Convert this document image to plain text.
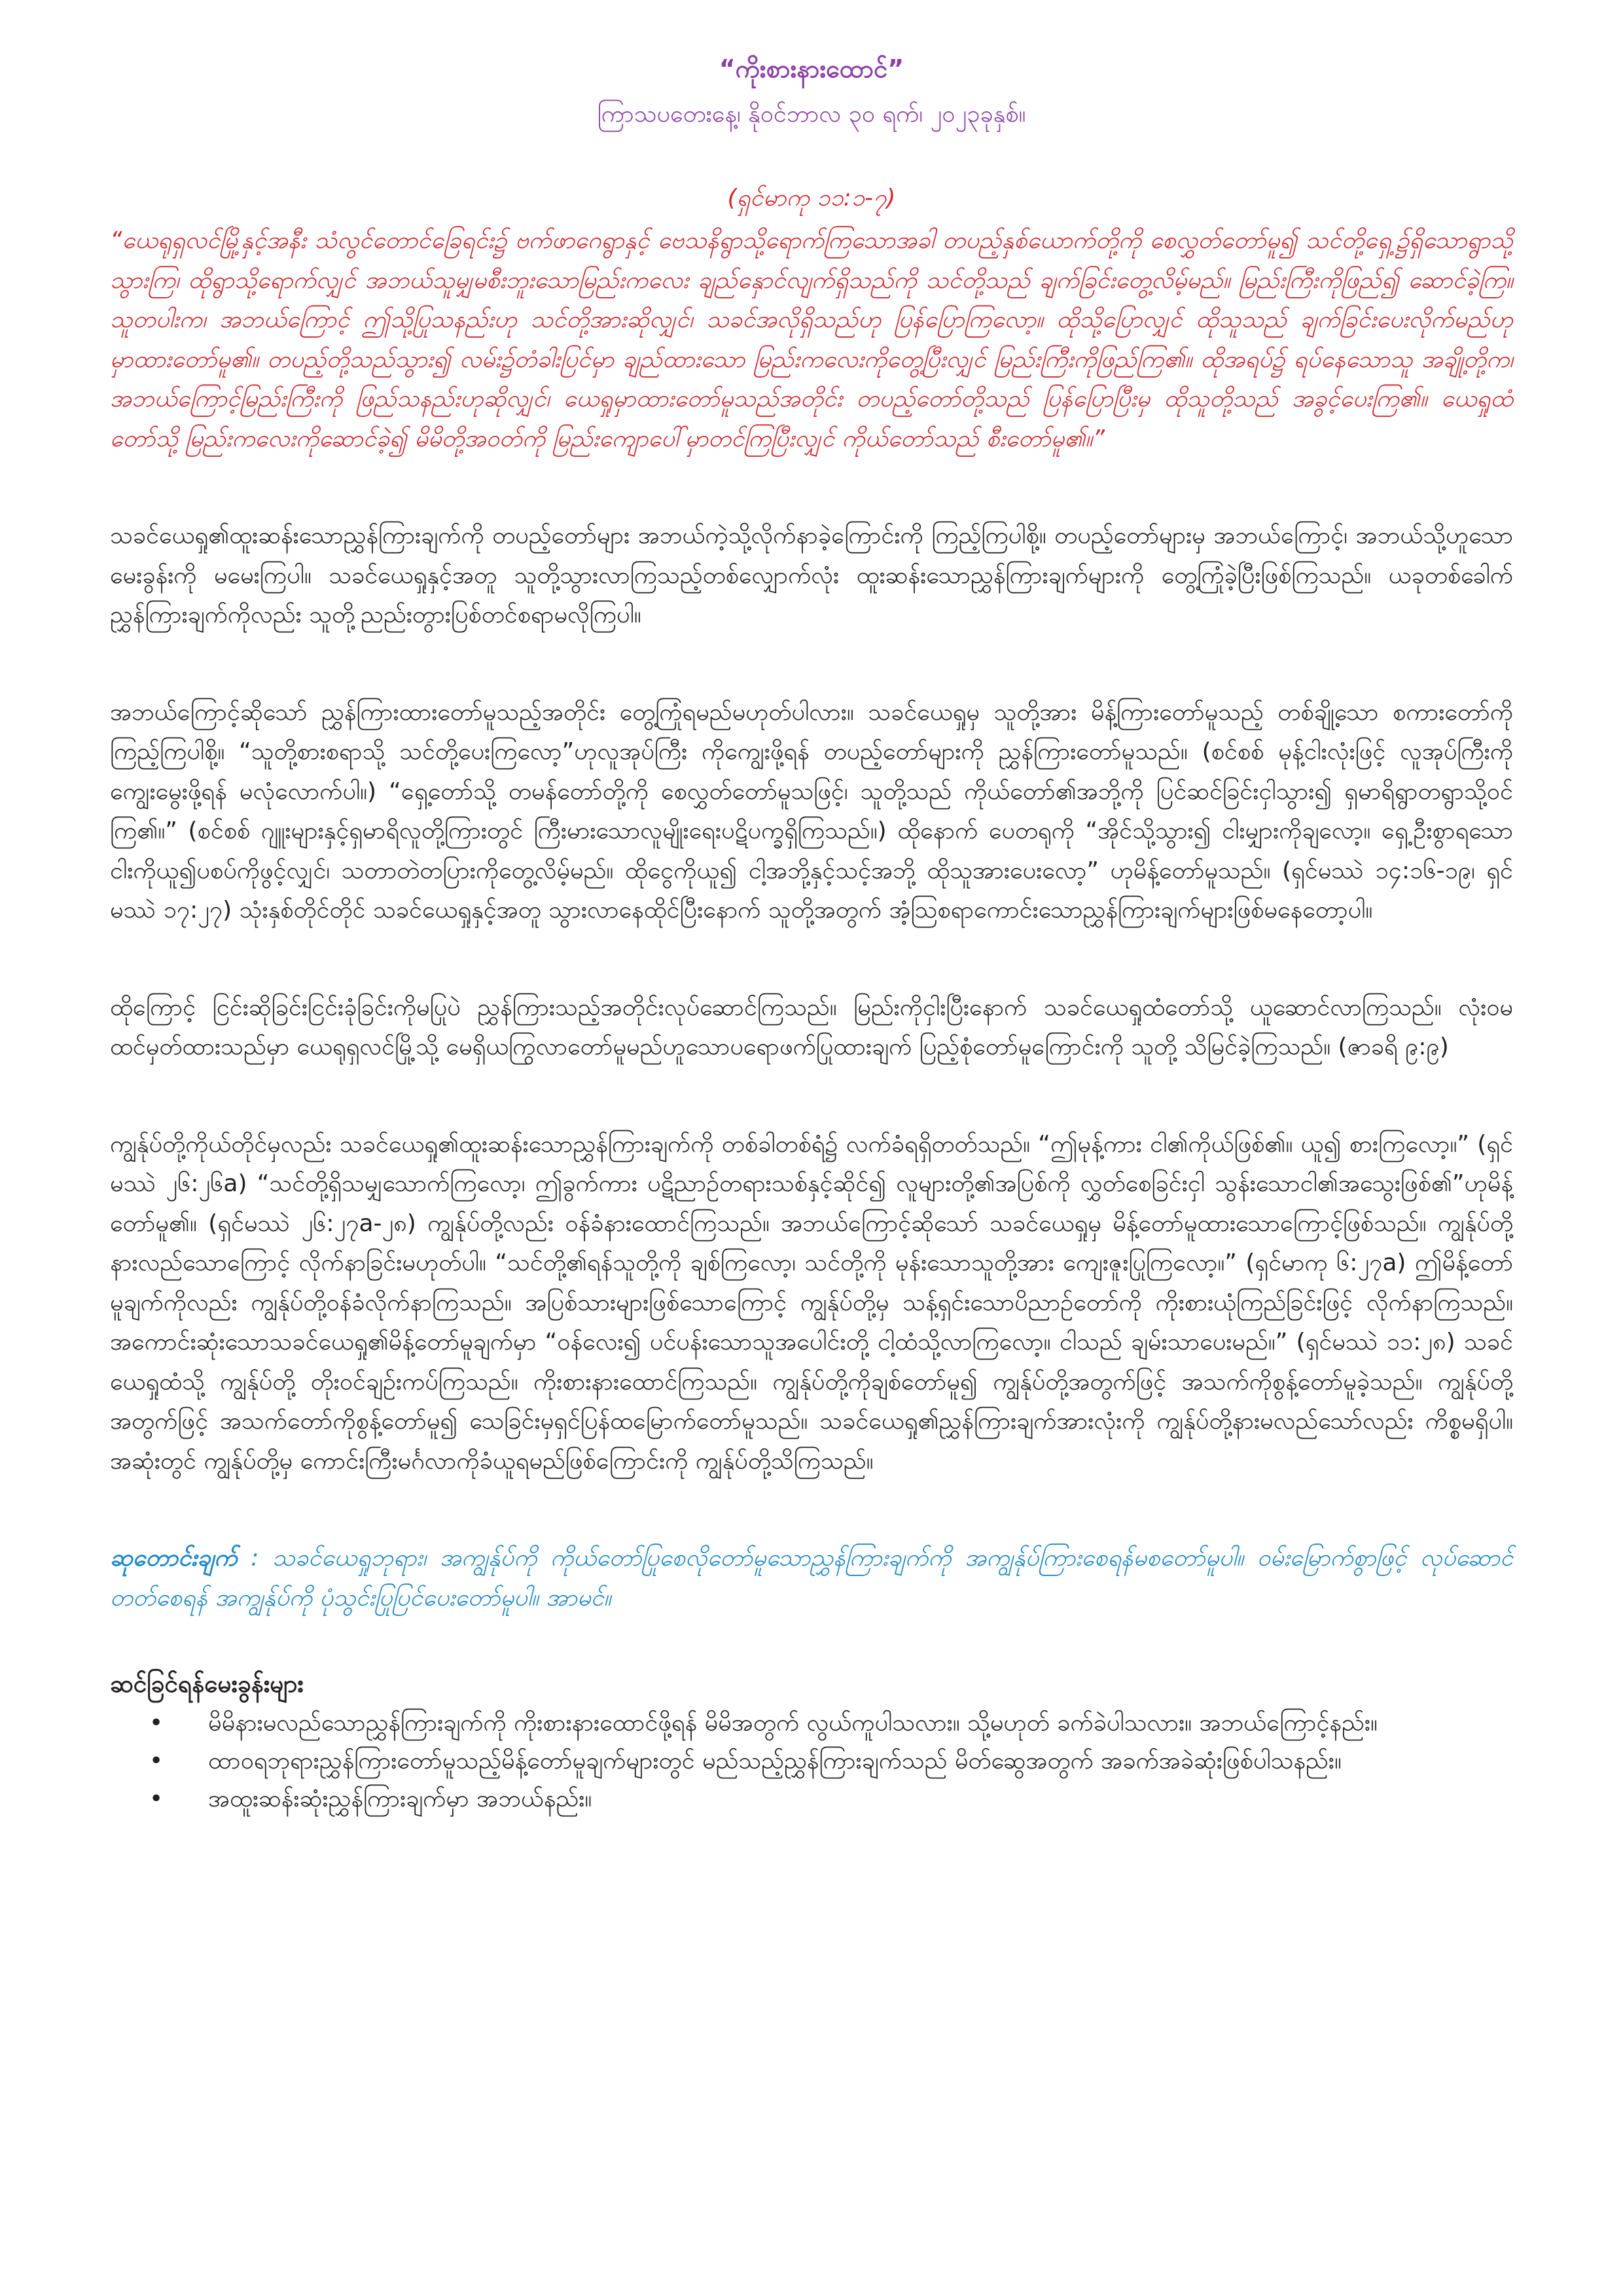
“ကိုးစားနားထောင်”
ကြာသပတေးနေ့၊ နိုဝင်ဘာလ ၃၀ ရက်၊ ၂၀၂၃ခုနှစ်။
(ရှင်မာကု ၁၁:၁-၇)

“ယေရုရှလင်မြို့နှင့်အနီး သံလွင်တောင်ခြေရင်း၌ ဗက်ဖာဂေရွာနှင့် ဗေသနိရွာသို့ရောက်ကြသောအခါ တပည့်နှစ်ယောက်တို့ကို စေလွှတ်တော်မူ၍ သင်တို့ရှေ့၌ရှိသောရွာသို့သွားကြ၊ ထိုရွာသို့ရောက်လျှင် အဘယ်သူမျှမစီးဘူးသောမြည်းကလေး ချည်နှောင်လျက်ရှိသည်ကို သင်တို့သည် ချက်ခြင်းတွေ့လိမ့်မည်။ မြည်းကြီးကိုဖြည်၍ ဆောင်ခဲ့ကြ။ သူတပါးက၊ အဘယ်ကြောင့် ဤသို့ပြုသနည်းဟု သင်တို့အားဆိုလျှင်၊ သခင်အလိုရှိသည်ဟု ပြန်ပြောကြလော့။ ထိုသို့ပြောလျှင် ထိုသူသည် ချက်ခြင်းပေးလိုက်မည်ဟု မှာထားတော်မူ၏။ တပည့်တို့သည်သွား၍ လမ်း၌တံခါးပြင်မှာ ချည်ထားသော မြည်းကလေးကိုတွေ့ပြီးလျှင် မြည်းကြီးကိုဖြည်ကြ၏။ ထိုအရပ်၌ ရပ်နေသောသူ အချို့တို့က၊ အဘယ်ကြောင့်မြည်းကြီးကို ဖြည်သနည်းဟုဆိုလျှင်၊ ယေရှုမှာထားတော်မူသည်အတိုင်း တပည့်တော်တို့သည် ပြန်ပြောပြီးမှ ထိုသူတို့သည် အခွင့်ပေးကြ၏။ ယေရှုထံတော်သို့ မြည်းကလေးကိုဆောင်ခဲ့၍ မိမိတို့အဝတ်ကို မြည်းကျောပေါ်မှာတင်ကြပြီးလျှင် ကိုယ်တော်သည် စီးတော်မူ၏။”

သခင်ယေရှု၏ထူးဆန်းသောညွှန်ကြားချက်ကို တပည့်တော်များ အဘယ်ကဲ့သို့လိုက်နာခဲ့ကြောင်းကို ကြည့်ကြပါစို့။ တပည့်တော်များမှ အဘယ်ကြောင့်၊ အဘယ်သို့ဟူသောမေးခွန်းကို မမေးကြပါ။ သခင်ယေရှုနှင့်အတူ သူတို့သွားလာကြသည့်တစ်လျှောက်လုံး ထူးဆန်းသောညွှန်ကြားချက်များကို တွေ့ကြုံခဲ့ပြီးဖြစ်ကြသည်။ ယခုတစ်ခေါက်ညွှန်ကြားချက်ကိုလည်း သူတို့ညည်းတွားပြစ်တင်စရာမလိုကြပါ။

အဘယ်ကြောင့်ဆိုသော် ညွှန်ကြားထားတော်မူသည့်အတိုင်း တွေ့ကြုံရမည်မဟုတ်ပါလား။ သခင်ယေရှုမှ သူတို့အား မိန့်ကြားတော်မူသည့် တစ်ချို့သော စကားတော်ကို ကြည့်ကြပါစို့။ “သူတို့စားစရာသို့ သင်တို့ပေးကြလော့”ဟုလူအုပ်ကြီး ကိုကျွေးဖို့ရန် တပည့်တော်များကို ညွှန်ကြားတော်မူသည်။ (စင်စစ် မုန့်ငါးလုံးဖြင့် လူအုပ်ကြီးကို ကျွေးမွေးဖို့ရန် မလုံလောက်ပါ။) “ရှေ့တော်သို့ တမန်တော်တို့ကို စေလွှတ်တော်မူသဖြင့်၊ သူတို့သည် ကိုယ်တော်၏အဘို့ကို ပြင်ဆင်ခြင်းငှါသွား၍ ရှမာရိရွာတရွာသို့ဝင်ကြ၏။” (စင်စစ် ဂျူးများနှင့်ရှမာရိလူတို့ကြားတွင် ကြီးမားသောလူမျိုးရေးပဋိပက္ခရှိကြသည်။) ထိုနောက် ပေတရုကို “အိုင်သို့သွား၍ ငါးမျှားကိုချလော့။ ရှေ့ဦးစွာရသော ငါးကိုယူ၍ပစပ်ကိုဖွင့်လျှင်၊ သတာတဲတပြားကိုတွေ့လိမ့်မည်။ ထိုငွေကိုယူ၍ ငါ့အဘို့နှင့်သင့်အဘို့ ထိုသူအားပေးလော့” ဟုမိန့်တော်မူသည်။ (ရှင်မဿဲ ၁၄:၁၆-၁၉၊ ရှင်မဿဲ ၁၇:၂၇) သုံးနှစ်တိုင်တိုင် သခင်ယေရှုနှင့်အတူ သွားလာနေထိုင်ပြီးနောက် သူတို့အတွက် အံ့သြစရာကောင်းသောညွှန်ကြားချက်များဖြစ်မနေတော့ပါ။

ထိုကြောင့် ငြင်းဆိုခြင်းငြင်းခုံခြင်းကိုမပြုပဲ ညွှန်ကြားသည့်အတိုင်းလုပ်ဆောင်ကြသည်။ မြည်းကိုငှါးပြီးနောက် သခင်ယေရှုထံတော်သို့ ယူဆောင်လာကြသည်။ လုံးဝမထင်မှတ်ထားသည်မှာ ယေရုရှလင်မြို့သို့ မေရှိယကြွလာတော်မူမည်ဟူသောပရောဖက်ပြုထားချက် ပြည့်စုံတော်မူကြောင်းကို သူတို့ သိမြင်ခဲ့ကြသည်။ (ဇာခရိ ၉:၉)

ကျွန်ုပ်တို့ကိုယ်တိုင်မှလည်း သခင်ယေရှု၏ထူးဆန်းသောညွှန်ကြားချက်ကို တစ်ခါတစ်ရံ၌ လက်ခံရရှိတတ်သည်။ “ဤမုန့်ကား ငါ၏ကိုယ်ဖြစ်၏။ ယူ၍ စားကြလော့။” (ရှင်မဿဲ ၂၆:၂၆a) “သင်တို့ရှိသမျှသောက်ကြလော့၊ ဤခွက်ကား ပဋိညာဉ်တရားသစ်နှင့်ဆိုင်၍ လူများတို့၏အပြစ်ကို လွှတ်စေခြင်းငှါ သွန်းသောငါ၏အသွေးဖြစ်၏”ဟုမိန့်တော်မူ၏။ (ရှင်မဿဲ ၂၆:၂၇a-၂၈) ကျွန်ုပ်တို့လည်း ဝန်ခံနားထောင်ကြသည်။ အဘယ်ကြောင့်ဆိုသော် သခင်ယေရှုမှ မိန့်တော်မူထားသောကြောင့်ဖြစ်သည်။ ကျွန်ုပ်တို့နားလည်သောကြောင့် လိုက်နာခြင်းမဟုတ်ပါ။ “သင်တို့၏ရန်သူတို့ကို ချစ်ကြလော့၊ သင်တို့ကို မုန်းသောသူတို့အား ကျေးဇူးပြုကြလော့။” (ရှင်မာကု ၆:၂၇a) ဤမိန့်တော်မူချက်ကိုလည်း ကျွန်ုပ်တို့ဝန်ခံလိုက်နာကြသည်။ အပြစ်သားများဖြစ်သောကြောင့် ကျွန်ုပ်တို့မှ သန့်ရှင်းသောပိညာဉ်တော်ကို ကိုးစားယုံကြည်ခြင်းဖြင့် လိုက်နာကြသည်။ အကောင်းဆုံးသောသခင်ယေရှု၏မိန့်တော်မူချက်မှာ “ဝန်လေး၍ ပင်ပန်းသောသူအပေါင်းတို့ ငါ့ထံသို့လာကြလော့။ ငါသည် ချမ်းသာပေးမည်။” (ရှင်မဿဲ ၁၁:၂၈) သခင်ယေရှုထံသို့ ကျွန်ုပ်တို့ တိုးဝင်ချဉ်းကပ်ကြသည်။ ကိုးစားနားထောင်ကြသည်။ ကျွန်ုပ်တို့ကိုချစ်တော်မူ၍ ကျွန်ုပ်တို့အတွက်ဖြင့် အသက်ကိုစွန့်တော်မူခဲ့သည်။ ကျွန်ုပ်တို့အတွက်ဖြင့် အသက်တော်ကိုစွန့်တော်မူ၍ သေခြင်းမှရှင်ပြန်ထမြောက်တော်မူသည်။ သခင်ယေရှု၏ညွှန်ကြားချက်အားလုံးကို ကျွန်ုပ်တို့နားမလည်သော်လည်း ကိစ္စမရှိပါ။ အဆုံးတွင် ကျွန်ုပ်တို့မှ ကောင်းကြီးမင်္ဂလာကိုခံယူရမည်ဖြစ်ကြောင်းကို ကျွန်ုပ်တို့သိကြသည်။

ဆုတောင်းချက် : သခင်ယေရှုဘုရား၊ အကျွန်ုပ်ကို ကိုယ်တော်ပြုစေလိုတော်မူသောညွှန်ကြားချက်ကို အကျွန်ုပ်ကြားစေရန်မစတော်မူပါ။ ဝမ်းမြောက်စွာဖြင့် လုပ်ဆောင်တတ်စေရန် အကျွန်ုပ်ကို ပုံသွင်းပြုပြင်ပေးတော်မူပါ။ အာမင်။

ဆင်ခြင်ရန်မေးခွန်းများ

• မိမိနားမလည်သောညွှန်ကြားချက်ကို ကိုးစားနားထောင်ဖို့ရန် မိမိအတွက် လွယ်ကူပါသလား။ သို့မဟုတ် ခက်ခဲပါသလား။ အဘယ်ကြောင့်နည်း။
• ထာဝရဘုရားညွှန်ကြားတော်မူသည့်မိန့်တော်မူချက်များတွင် မည်သည့်ညွှန်ကြားချက်သည် မိတ်ဆွေအတွက် အခက်အခဲဆုံးဖြစ်ပါသနည်း။
• အထူးဆန်းဆုံးညွှန်ကြားချက်မှာ အဘယ်နည်း။
